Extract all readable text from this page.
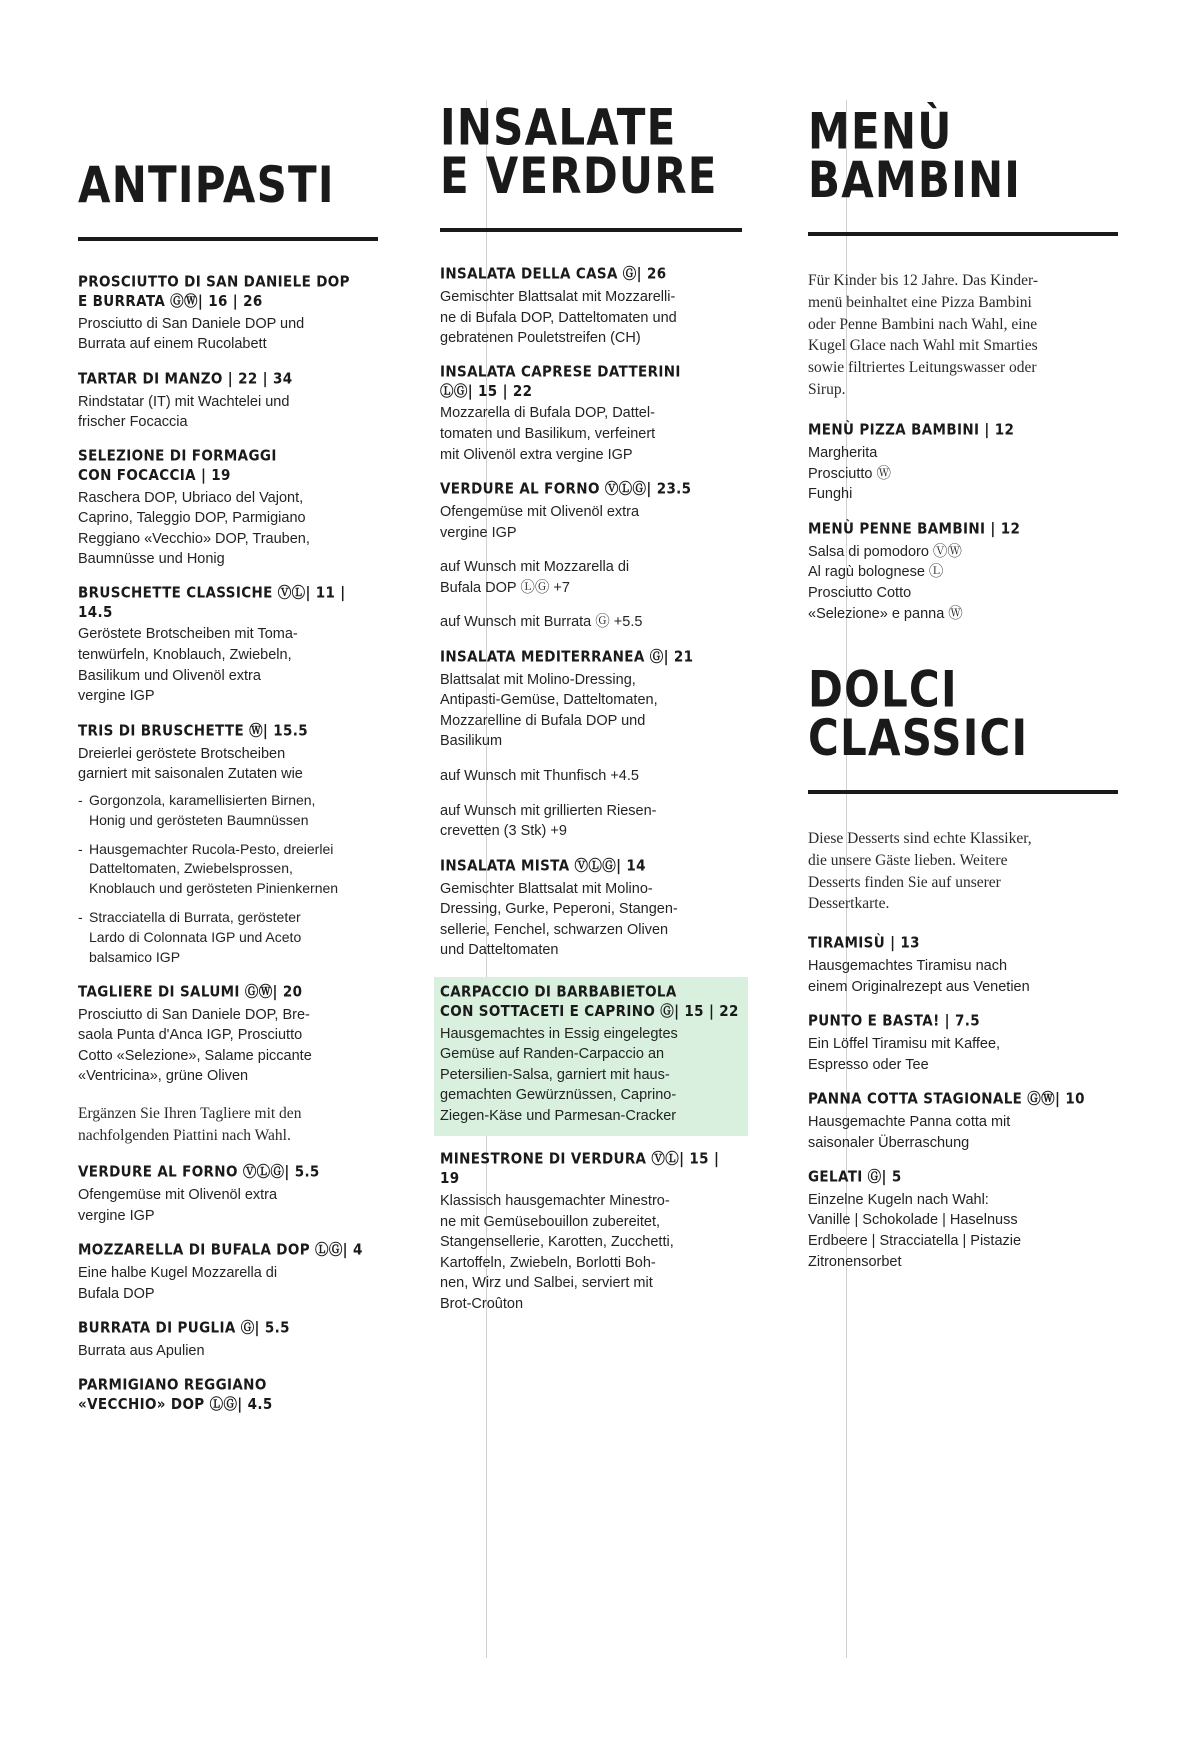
ANTIPASTI
PROSCIUTTO DI SAN DANIELE DOP
E BURRATA ⒼⓌ| 16 | 26
Prosciutto di San Daniele DOP und
Burrata auf einem Rucolabett
TARTAR DI MANZO | 22 | 34
Rindstatar (IT) mit Wachtelei und
frischer Focaccia
SELEZIONE DI FORMAGGI
CON FOCACCIA | 19
Raschera DOP, Ubriaco del Vajont,
Caprino, Taleggio DOP, Parmigiano
Reggiano «Vecchio» DOP, Trauben,
Baumnüsse und Honig
BRUSCHETTE CLASSICHE ⓋⓁ| 11 | 14.5
Geröstete Brotscheiben mit Toma-
tenwürfeln, Knoblauch, Zwiebeln,
Basilikum und Olivenöl extra
vergine IGP
TRIS DI BRUSCHETTE Ⓦ| 15.5
Dreierlei geröstete Brotscheiben
garniert mit saisonalen Zutaten wie
- Gorgonzola, karamellisierten Birnen,
Honig und gerösteten Baumnüssen
- Hausgemachter Rucola-Pesto, dreierlei
Datteltomaten, Zwiebelsprossen,
Knoblauch und gerösteten Pinienkernen
- Stracciatella di Burrata, gerösteter
Lardo di Colonnata IGP und Aceto
balsamico IGP
TAGLIERE DI SALUMI ⒼⓌ| 20
Prosciutto di San Daniele DOP, Bre-
saola Punta d'Anca IGP, Prosciutto
Cotto «Selezione», Salame piccante
«Ventricina», grüne Oliven
Ergänzen Sie Ihren Tagliere mit den
nachfolgenden Piattini nach Wahl.
VERDURE AL FORNO ⓋⓁⒼ| 5.5
Ofengemüse mit Olivenöl extra
vergine IGP
MOZZARELLA DI BUFALA DOP ⓁⒼ| 4
Eine halbe Kugel Mozzarella di
Bufala DOP
BURRATA DI PUGLIA Ⓖ| 5.5
Burrata aus Apulien
PARMIGIANO REGGIANO
«VECCHIO» DOP ⓁⒼ| 4.5
INSALATE
E VERDURE
INSALATA DELLA CASA Ⓖ| 26
Gemischter Blattsalat mit Mozzarelli-
ne di Bufala DOP, Datteltomaten und
gebratenen Pouletstreifen (CH)
INSALATA CAPRESE DATTERINI
ⓁⒼ| 15 | 22
Mozzarella di Bufala DOP, Dattel-
tomaten und Basilikum, verfeinert
mit Olivenöl extra vergine IGP
VERDURE AL FORNO ⓋⓁⒼ| 23.5
Ofengemüse mit Olivenöl extra
vergine IGP
auf Wunsch mit Mozzarella di
Bufala DOP ⓁⒼ +7
auf Wunsch mit Burrata Ⓖ +5.5
INSALATA MEDITERRANEA Ⓖ| 21
Blattsalat mit Molino-Dressing,
Antipasti-Gemüse, Datteltomaten,
Mozzarelline di Bufala DOP und
Basilikum
auf Wunsch mit Thunfisch +4.5
auf Wunsch mit grillierten Riesen-
crevetten (3 Stk) +9
INSALATA MISTA ⓋⓁⒼ| 14
Gemischter Blattsalat mit Molino-
Dressing, Gurke, Peperoni, Stangen-
sellerie, Fenchel, schwarzen Oliven
und Datteltomaten
CARPACCIO DI BARBABIETOLA
CON SOTTACETI E CAPRINO Ⓖ| 15 | 22
Hausgemachtes in Essig eingelegtes
Gemüse auf Randen-Carpaccio an
Petersilien-Salsa, garniert mit haus-
gemachten Gewürznüssen, Caprino-
Ziegen-Käse und Parmesan-Cracker
MINESTRONE DI VERDURA ⓋⓁ| 15 | 19
Klassisch hausgemachter Minestro-
ne mit Gemüsebouillon zubereitet,
Stangensellerie, Karotten, Zucchetti,
Kartoffeln, Zwiebeln, Borlotti Boh-
nen, Wirz und Salbei, serviert mit
Brot-Croûton
MENÙ
BAMBINI
Für Kinder bis 12 Jahre. Das Kinder-
menü beinhaltet eine Pizza Bambini
oder Penne Bambini nach Wahl, eine
Kugel Glace nach Wahl mit Smarties
sowie filtriertes Leitungswasser oder
Sirup.
MENÙ PIZZA BAMBINI | 12
Margherita
Prosciutto Ⓦ
Funghi
MENÙ PENNE BAMBINI | 12
Salsa di pomodoro ⓋⓌ
Al ragù bolognese Ⓛ
Prosciutto Cotto
«Selezione» e panna Ⓦ
DOLCI
CLASSICI
Diese Desserts sind echte Klassiker,
die unsere Gäste lieben. Weitere
Desserts finden Sie auf unserer
Dessertkarte.
TIRAMISÙ | 13
Hausgemachtes Tiramisu nach
einem Originalrezept aus Venetien
PUNTO E BASTA! | 7.5
Ein Löffel Tiramisu mit Kaffee,
Espresso oder Tee
PANNA COTTA STAGIONALE ⒼⓌ| 10
Hausgemachte Panna cotta mit
saisonaler Überraschung
GELATI Ⓖ| 5
Einzelne Kugeln nach Wahl:
Vanille | Schokolade | Haselnuss
Erdbeere | Stracciatella | Pistazie
Zitronensorbet
